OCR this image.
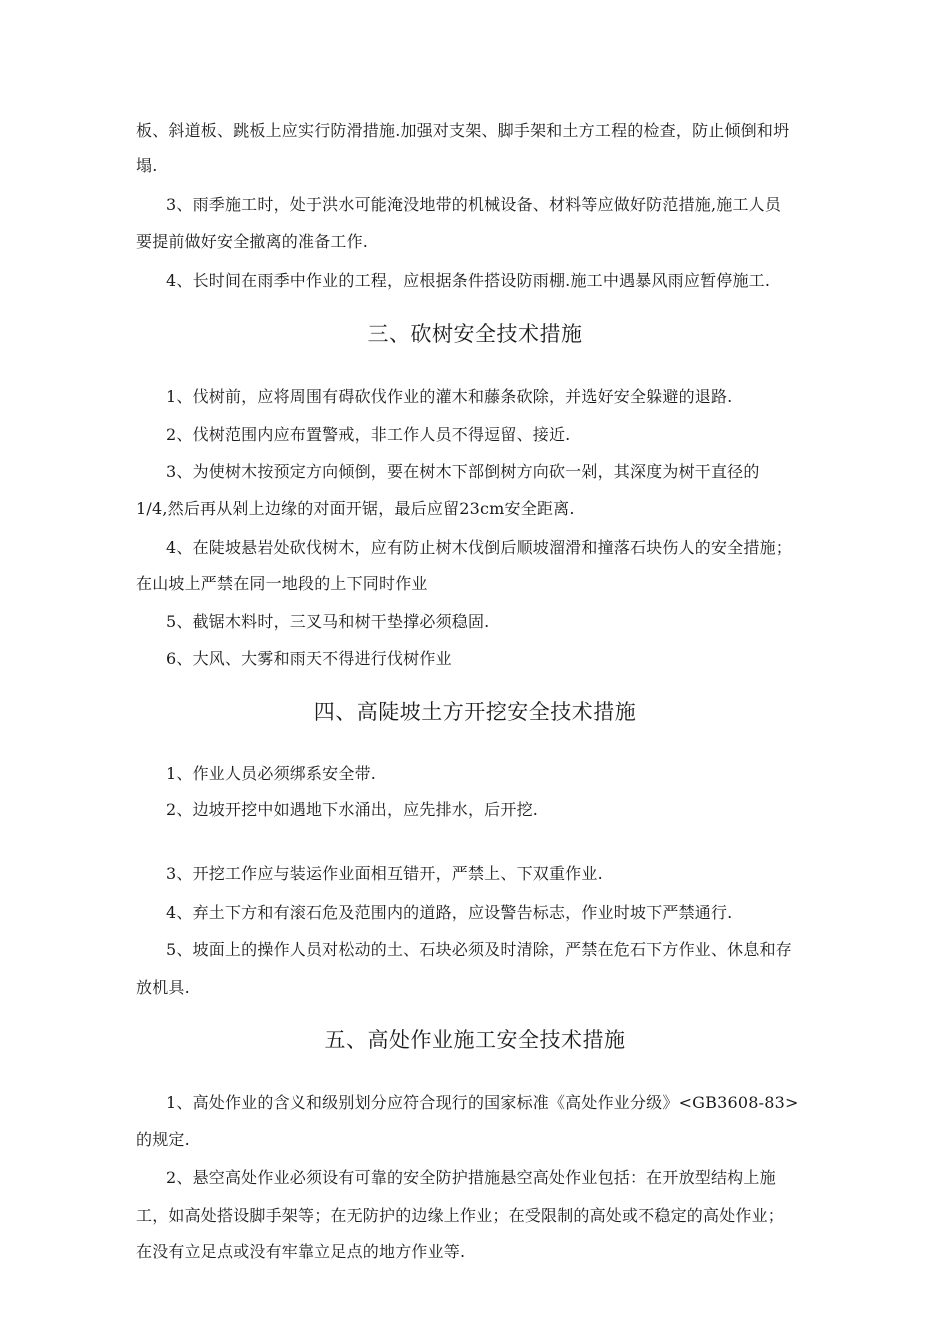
板、斜道板、跳板上应实行防滑措施.加强对支架、脚手架和土方工程的检查，防止倾倒和坍
塌.
3、雨季施工时，处于洪水可能淹没地带的机械设备、材料等应做好防范措施,施工人员
要提前做好安全撤离的准备工作.
4、长时间在雨季中作业的工程，应根据条件搭设防雨棚.施工中遇暴风雨应暂停施工.
三、砍树安全技术措施
1、伐树前，应将周围有碍砍伐作业的灌木和藤条砍除，并选好安全躲避的退路.
2、伐树范围内应布置警戒，非工作人员不得逗留、接近.
3、为使树木按预定方向倾倒，要在树木下部倒树方向砍一剁，其深度为树干直径的
1/4,然后再从剁上边缘的对面开锯，最后应留23cm安全距离.
4、在陡坡悬岩处砍伐树木，应有防止树木伐倒后顺坡溜滑和撞落石块伤人的安全措施；
在山坡上严禁在同一地段的上下同时作业
5、截锯木料时，三叉马和树干垫撑必须稳固.
6、大风、大雾和雨天不得进行伐树作业
四、高陡坡土方开挖安全技术措施
1、作业人员必须绑系安全带.
2、边坡开挖中如遇地下水涌出，应先排水，后开挖.
3、开挖工作应与装运作业面相互错开，严禁上、下双重作业.
4、弃土下方和有滚石危及范围内的道路，应设警告标志，作业时坡下严禁通行.
5、坡面上的操作人员对松动的土、石块必须及时清除，严禁在危石下方作业、休息和存
放机具.
五、高处作业施工安全技术措施
1、高处作业的含义和级别划分应符合现行的国家标准《高处作业分级》<GB3608-83>
的规定.
2、悬空高处作业必须设有可靠的安全防护措施悬空高处作业包括：在开放型结构上施
工，如高处搭设脚手架等；在无防护的边缘上作业；在受限制的高处或不稳定的高处作业；
在没有立足点或没有牢靠立足点的地方作业等.
